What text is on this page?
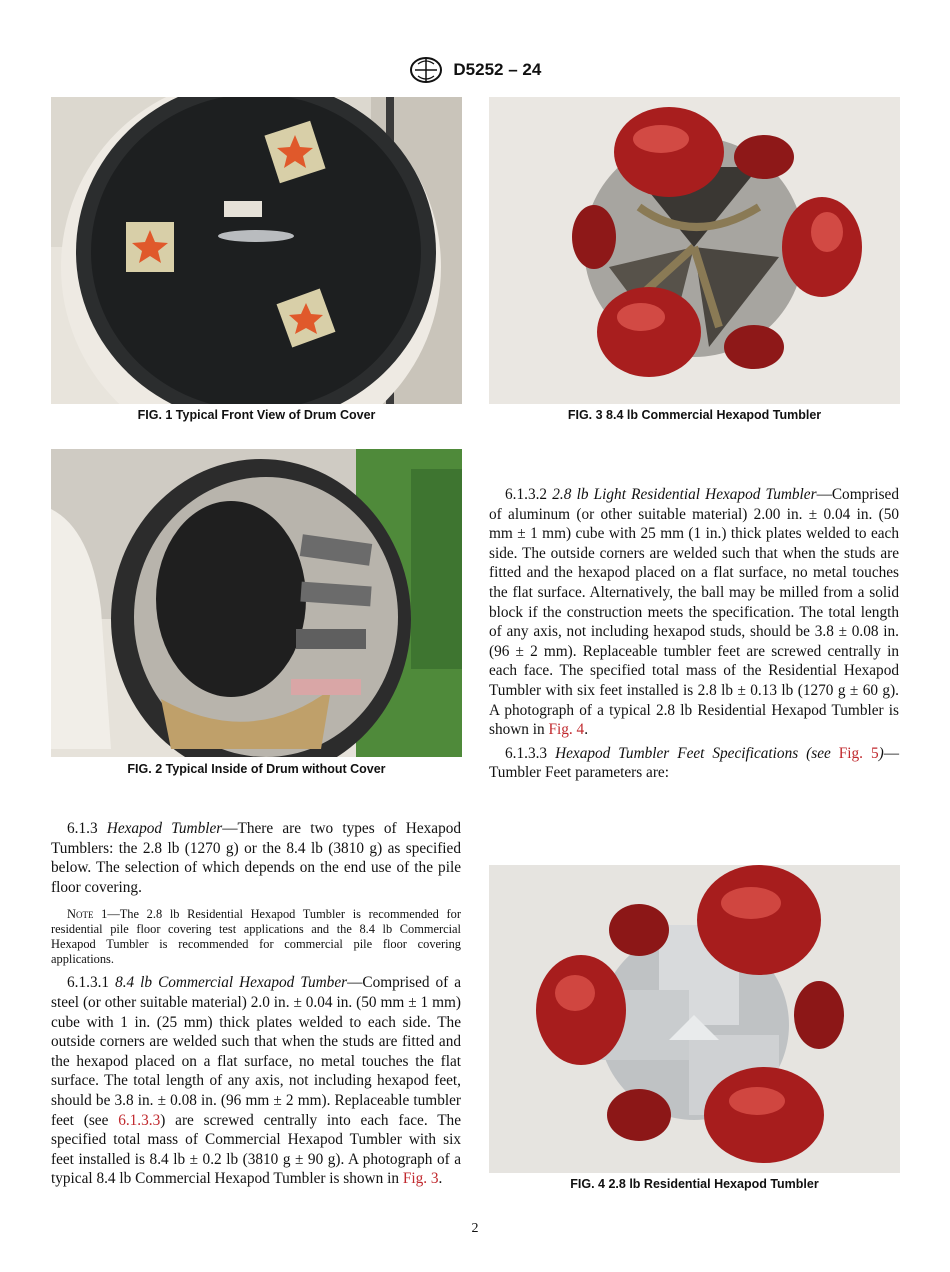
D5252 – 24
FIG. 1 Typical Front View of Drum Cover	FIG. 3 8.4 lb Commercial Hexapod Tumbler
FIG. 2 Typical Inside of Drum without Cover
FIG. 4 2.8 lb Residential Hexapod Tumbler

6.1.3 Hexapod Tumbler—There are two types of Hexapod Tumblers: the 2.8 lb (1270 g) or the 8.4 lb (3810 g) as specified below. The selection of which depends on the end use of the pile floor covering.

Note 1—The 2.8 lb Residential Hexapod Tumbler is recommended for residential pile floor covering test applications and the 8.4 lb Commercial Hexapod Tumbler is recommended for commercial pile floor covering applications.

6.1.3.1 8.4 lb Commercial Hexapod Tumber—Comprised of a steel (or other suitable material) 2.0 in. ± 0.04 in. (50 mm ± 1 mm) cube with 1 in. (25 mm) thick plates welded to each side. The outside corners are welded such that when the studs are fitted and the hexapod placed on a flat surface, no metal touches the flat surface. The total length of any axis, not including hexapod feet, should be 3.8 in. ± 0.08 in. (96 mm ± 2 mm). Replaceable tumbler feet (see 6.1.3.3) are screwed centrally into each face. The specified total mass of Commercial Hexapod Tumbler with six feet installed is 8.4 lb ± 0.2 lb (3810 g ± 90 g). A photograph of a typical 8.4 lb Commercial Hexapod Tumbler is shown in Fig. 3.

6.1.3.2 2.8 lb Light Residential Hexapod Tumbler—Comprised of aluminum (or other suitable material) 2.00 in. ± 0.04 in. (50 mm ± 1 mm) cube with 25 mm (1 in.) thick plates welded to each side. The outside corners are welded such that when the studs are fitted and the hexapod placed on a flat surface, no metal touches the flat surface. Alternatively, the ball may be milled from a solid block if the construction meets the specification. The total length of any axis, not including hexapod studs, should be 3.8 ± 0.08 in. (96 ± 2 mm). Replaceable tumbler feet are screwed centrally in each face. The specified total mass of the Residential Hexapod Tumbler with six feet installed is 2.8 lb ± 0.13 lb (1270 g ± 60 g). A photograph of a typical 2.8 lb Residential Hexapod Tumbler is shown in Fig. 4.

6.1.3.3 Hexapod Tumbler Feet Specifications (see Fig. 5)—Tumbler Feet parameters are:

2
